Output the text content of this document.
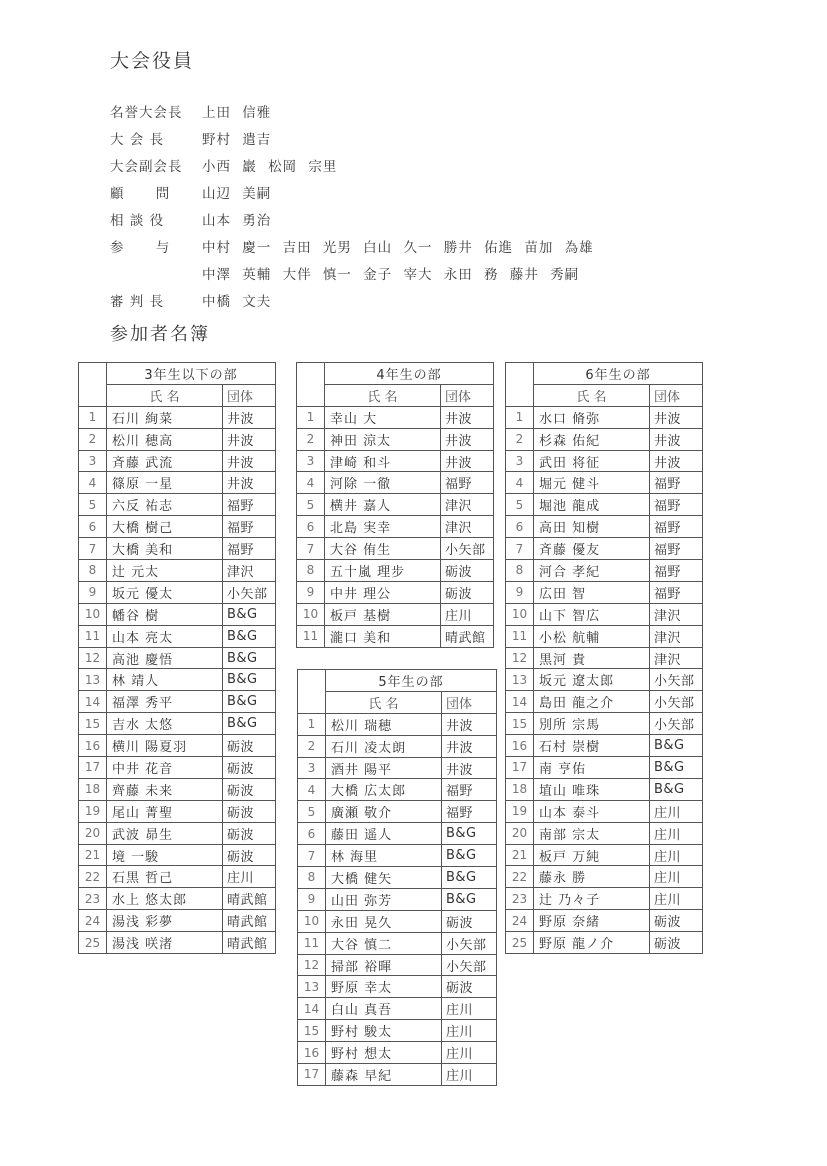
大会役員
名誉大会長	上田 信雅
大 会 長	野村 遣吉
大会副会長	小西 巖 松岡 宗里
顧 問	山辺 美嗣
相 談 役	山本 勇治
参 与	中村 慶一 吉田 光男 白山 久一 勝井 佑進 苗加 為雄
中澤 英輔 大伴 慎一 金子 宰大 永田 務 藤井 秀嗣
審 判 長	中橋 文夫
参加者名簿
	3年生以下の部	
	氏 名	団体
1	石川 絢菜	井波
2	松川 穂高	井波
3	斉藤 武流	井波
4	篠原 一星	井波
5	六反 祐志	福野
6	大橋 樹己	福野
7	大橋 美和	福野
8	辻 元太	津沢
9	坂元 優太	小矢部
10	幡谷 樹	B&G
11	山本 亮太	B&G
12	高池 慶悟	B&G
13	林 靖人	B&G
14	福澤 秀平	B&G
15	吉水 太悠	B&G
16	横川 陽夏羽	砺波
17	中井 花音	砺波
18	齊藤 未来	砺波
19	尾山 菁聖	砺波
20	武波 昴生	砺波
21	境 一駿	砺波
22	石黒 哲己	庄川
23	水上 悠太郎	晴武館
24	湯浅 彩夢	晴武館
25	湯浅 咲渚	晴武館
	4年生の部	
	氏 名	団体
1	幸山 大	井波
2	神田 涼太	井波
3	津崎 和斗	井波
4	河除 一徹	福野
5	横井 嘉人	津沢
6	北島 実幸	津沢
7	大谷 侑生	小矢部
8	五十嵐 理步	砺波
9	中井 理公	砺波
10	板戸 基樹	庄川
11	瀧口 美和	晴武館
	5年生の部	
	氏 名	団体
1	松川 瑞穂	井波
2	石川 凌太朗	井波
3	酒井 陽平	井波
4	大橋 広太郎	福野
5	廣瀬 敬介	福野
6	藤田 遥人	B&G
7	林 海里	B&G
8	大橋 健矢	B&G
9	山田 弥芳	B&G
10	永田 晃久	砺波
11	大谷 慎二	小矢部
12	掃部 裕暉	小矢部
13	野原 幸太	砺波
14	白山 真吾	庄川
15	野村 駿太	庄川
16	野村 想太	庄川
17	藤森 早紀	庄川
	6年生の部	
	氏 名	団体
1	水口 脩弥	井波
2	杉森 佑紀	井波
3	武田 将征	井波
4	堀元 健斗	福野
5	堀池 龍成	福野
6	高田 知樹	福野
7	斉藤 優友	福野
8	河合 孝紀	福野
9	広田 智	福野
10	山下 智広	津沢
11	小松 航輔	津沢
12	黒河 貴	津沢
13	坂元 遼太郎	小矢部
14	島田 龍之介	小矢部
15	別所 宗馬	小矢部
16	石村 崇樹	B&G
17	南 亨佑	B&G
18	埴山 唯珠	B&G
19	山本 泰斗	庄川
20	南部 宗太	庄川
21	板戸 万純	庄川
22	藤永 勝	庄川
23	辻 乃々子	庄川
24	野原 奈緒	砺波
25	野原 龍ノ介	砺波
